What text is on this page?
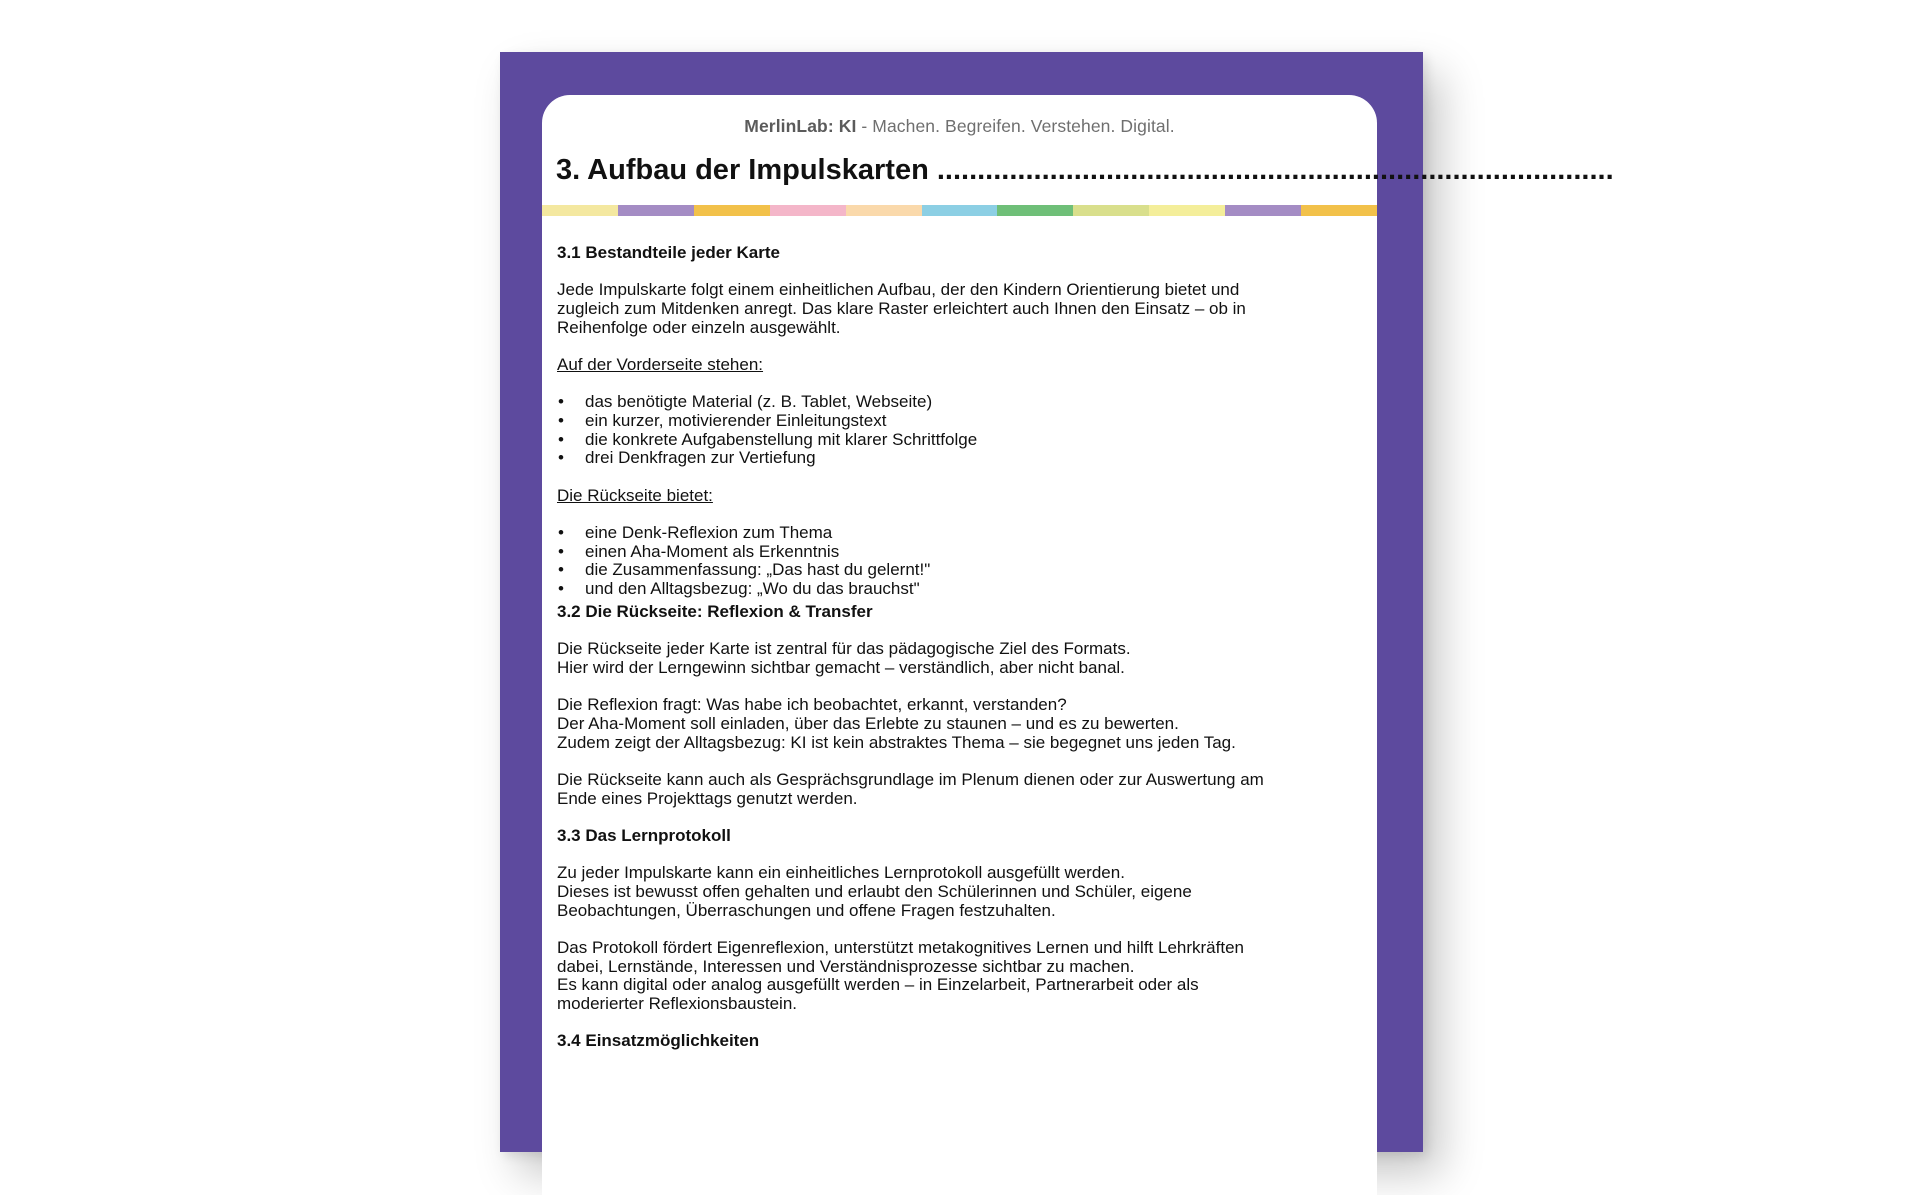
MerlinLab: KI - Machen. Begreifen. Verstehen. Digital.
3. Aufbau der Impulskarten ....................................................................................
3.1 Bestandteile jeder Karte

Jede Impulskarte folgt einem einheitlichen Aufbau, der den Kindern Orientierung bietet und
zugleich zum Mitdenken anregt. Das klare Raster erleichtert auch Ihnen den Einsatz – ob in
Reihenfolge oder einzeln ausgewählt.

Auf der Vorderseite stehen:

• das benötigte Material (z. B. Tablet, Webseite)
• ein kurzer, motivierender Einleitungstext
• die konkrete Aufgabenstellung mit klarer Schrittfolge
• drei Denkfragen zur Vertiefung

Die Rückseite bietet:

• eine Denk-Reflexion zum Thema
• einen Aha-Moment als Erkenntnis
• die Zusammenfassung: „Das hast du gelernt!"
• und den Alltagsbezug: „Wo du das brauchst"
3.2 Die Rückseite: Reflexion & Transfer

Die Rückseite jeder Karte ist zentral für das pädagogische Ziel des Formats.
Hier wird der Lerngewinn sichtbar gemacht – verständlich, aber nicht banal.

Die Reflexion fragt: Was habe ich beobachtet, erkannt, verstanden?
Der Aha-Moment soll einladen, über das Erlebte zu staunen – und es zu bewerten.
Zudem zeigt der Alltagsbezug: KI ist kein abstraktes Thema – sie begegnet uns jeden Tag.

Die Rückseite kann auch als Gesprächsgrundlage im Plenum dienen oder zur Auswertung am
Ende eines Projekttags genutzt werden.

3.3 Das Lernprotokoll

Zu jeder Impulskarte kann ein einheitliches Lernprotokoll ausgefüllt werden.
Dieses ist bewusst offen gehalten und erlaubt den Schülerinnen und Schüler, eigene
Beobachtungen, Überraschungen und offene Fragen festzuhalten.

Das Protokoll fördert Eigenreflexion, unterstützt metakognitives Lernen und hilft Lehrkräften
dabei, Lernstände, Interessen und Verständnisprozesse sichtbar zu machen.
Es kann digital oder analog ausgefüllt werden – in Einzelarbeit, Partnerarbeit oder als
moderierter Reflexionsbaustein.

3.4 Einsatzmöglichkeiten
